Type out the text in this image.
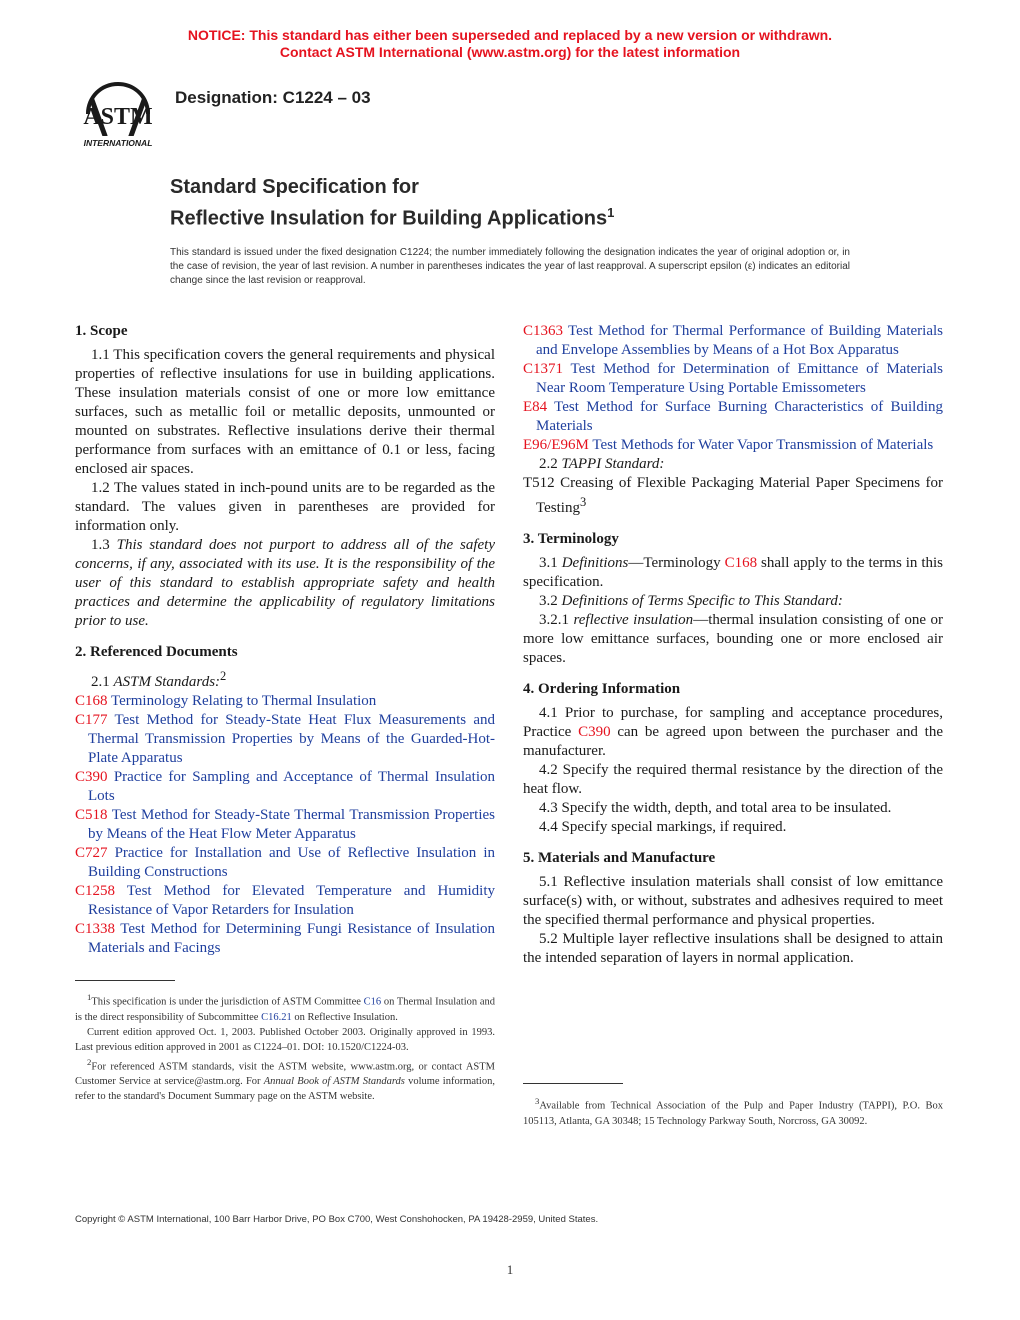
NOTICE: This standard has either been superseded and replaced by a new version or withdrawn.
Contact ASTM International (www.astm.org) for the latest information
ASTM
INTERNATIONAL
Designation: C1224 – 03
Standard Specification for
Reflective Insulation for Building Applications$^1$
This standard is issued under the fixed designation C1224; the number immediately following the designation indicates the year of original adoption or, in the case of revision, the year of last revision. A number in parentheses indicates the year of last reapproval. A superscript epsilon (ε) indicates an editorial change since the last revision or reapproval.

1. Scope

1.1 This specification covers the general requirements and physical properties of reflective insulations for use in building applications. These insulation materials consist of one or more low emittance surfaces, such as metallic foil or metallic deposits, unmounted or mounted on substrates. Reflective insulations derive their thermal performance from surfaces with an emittance of 0.1 or less, facing enclosed air spaces.

1.2 The values stated in inch-pound units are to be regarded as the standard. The values given in parentheses are provided for information only.

1.3 This standard does not purport to address all of the safety concerns, if any, associated with its use. It is the responsibility of the user of this standard to establish appropriate safety and health practices and determine the applicability of regulatory limitations prior to use.

2. Referenced Documents

2.1 ASTM Standards:$^2$

C168 Terminology Relating to Thermal Insulation

C177 Test Method for Steady-State Heat Flux Measurements and Thermal Transmission Properties by Means of the Guarded-Hot-Plate Apparatus

C390 Practice for Sampling and Acceptance of Thermal Insulation Lots

C518 Test Method for Steady-State Thermal Transmission Properties by Means of the Heat Flow Meter Apparatus

C727 Practice for Installation and Use of Reflective Insulation in Building Constructions

C1258 Test Method for Elevated Temperature and Humidity Resistance of Vapor Retarders for Insulation

C1338 Test Method for Determining Fungi Resistance of Insulation Materials and Facings

$^1$This specification is under the jurisdiction of ASTM Committee C16 on Thermal Insulation and is the direct responsibility of Subcommittee C16.21 on Reflective Insulation.

Current edition approved Oct. 1, 2003. Published October 2003. Originally approved in 1993. Last previous edition approved in 2001 as C1224–01. DOI: 10.1520/C1224-03.

$^2$For referenced ASTM standards, visit the ASTM website, www.astm.org, or contact ASTM Customer Service at service@astm.org. For Annual Book of ASTM Standards volume information, refer to the standard's Document Summary page on the ASTM website.

C1363 Test Method for Thermal Performance of Building Materials and Envelope Assemblies by Means of a Hot Box Apparatus

C1371 Test Method for Determination of Emittance of Materials Near Room Temperature Using Portable Emissometers

E84 Test Method for Surface Burning Characteristics of Building Materials

E96/E96M Test Methods for Water Vapor Transmission of Materials

2.2 TAPPI Standard:

T512 Creasing of Flexible Packaging Material Paper Specimens for Testing$^3$

3. Terminology

3.1 Definitions—Terminology C168 shall apply to the terms in this specification.

3.2 Definitions of Terms Specific to This Standard:

3.2.1 reflective insulation—thermal insulation consisting of one or more low emittance surfaces, bounding one or more enclosed air spaces.

4. Ordering Information

4.1 Prior to purchase, for sampling and acceptance procedures, Practice C390 can be agreed upon between the purchaser and the manufacturer.

4.2 Specify the required thermal resistance by the direction of the heat flow.

4.3 Specify the width, depth, and total area to be insulated.

4.4 Specify special markings, if required.

5. Materials and Manufacture

5.1 Reflective insulation materials shall consist of low emittance surface(s) with, or without, substrates and adhesives required to meet the specified thermal performance and physical properties.

5.2 Multiple layer reflective insulations shall be designed to attain the intended separation of layers in normal application.

$^3$Available from Technical Association of the Pulp and Paper Industry (TAPPI), P.O. Box 105113, Atlanta, GA 30348; 15 Technology Parkway South, Norcross, GA 30092.

Copyright © ASTM International, 100 Barr Harbor Drive, PO Box C700, West Conshohocken, PA 19428-2959, United States.
1
